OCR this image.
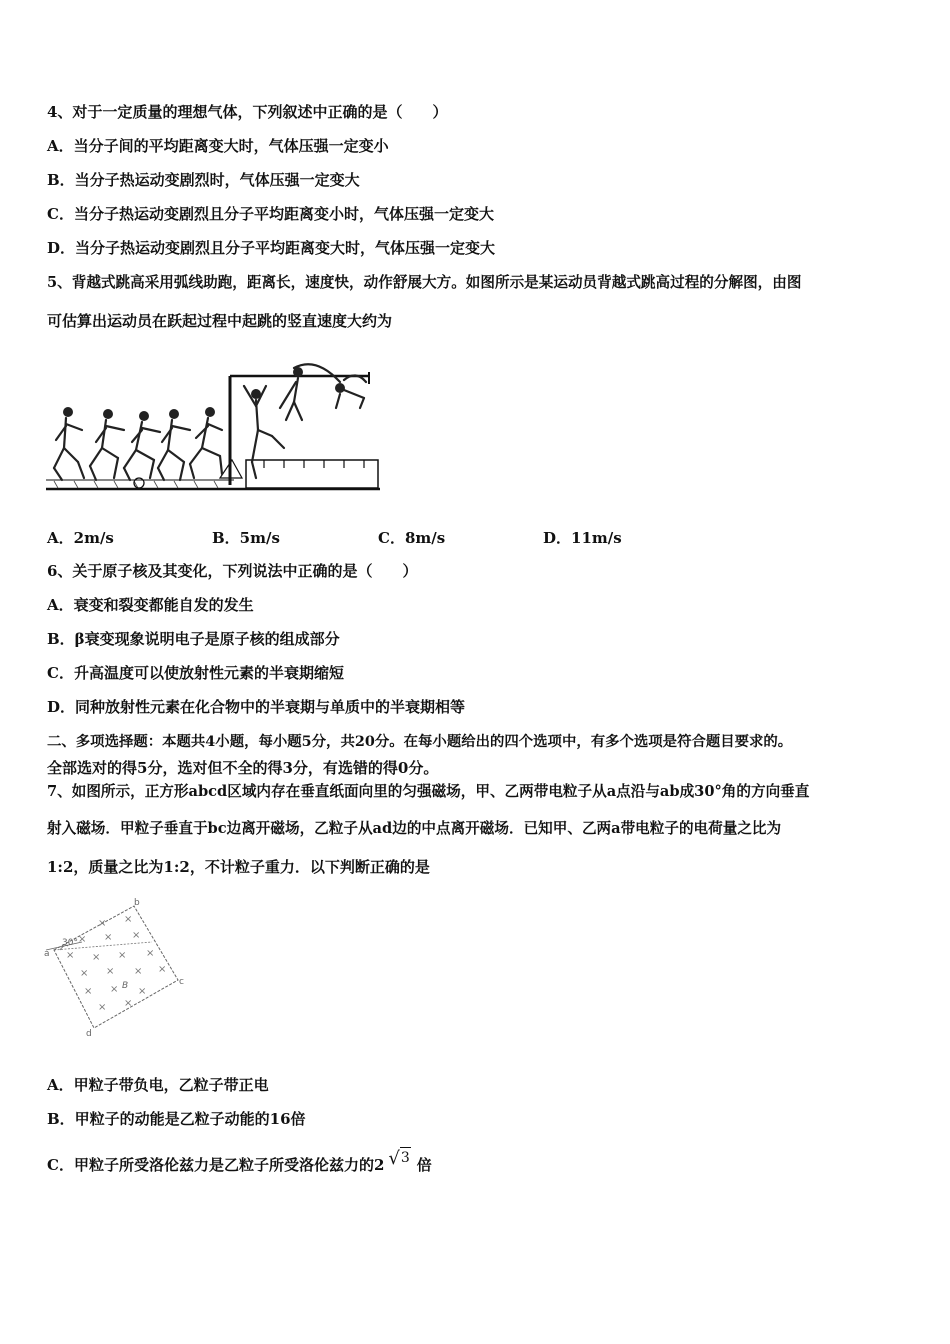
4、对于一定质量的理想气体，下列叙述中正确的是（　　）
A．当分子间的平均距离变大时，气体压强一定变小
B．当分子热运动变剧烈时，气体压强一定变大
C．当分子热运动变剧烈且分子平均距离变小时，气体压强一定变大
D．当分子热运动变剧烈且分子平均距离变大时，气体压强一定变大
5、背越式跳高采用弧线助跑，距离长，速度快，动作舒展大方。如图所示是某运动员背越式跳高过程的分解图，由图
可估算出运动员在跃起过程中起跳的竖直速度大约为
A．2m/s	B．5m/s	C．8m/s	D．11m/s
6、关于原子核及其变化，下列说法中正确的是（　　）
A．衰变和裂变都能自发的发生
B．β衰变现象说明电子是原子核的组成部分
C．升高温度可以使放射性元素的半衰期缩短
D．同种放射性元素在化合物中的半衰期与单质中的半衰期相等
二、多项选择题：本题共4小题，每小题5分，共20分。在每小题给出的四个选项中，有多个选项是符合题目要求的。
全部选对的得5分，选对但不全的得3分，有选错的得0分。
7、如图所示，正方形abcd区域内存在垂直纸面向里的匀强磁场，甲、乙两带电粒子从a点沿与ab成30°角的方向垂直
射入磁场．甲粒子垂直于bc边离开磁场，乙粒子从ad边的中点离开磁场．已知甲、乙两a带电粒子的电荷量之比为
1:2，质量之比为1:2，不计粒子重力．以下判断正确的是
30°
a
b
c
d
B
× ×
× × ×
× × × ×
× × × ×
× × ×
× ×
A．甲粒子带负电，乙粒子带正电
B．甲粒子的动能是乙粒子动能的16倍
C．甲粒子所受洛伦兹力是乙粒子所受洛伦兹力的2 √3 倍
